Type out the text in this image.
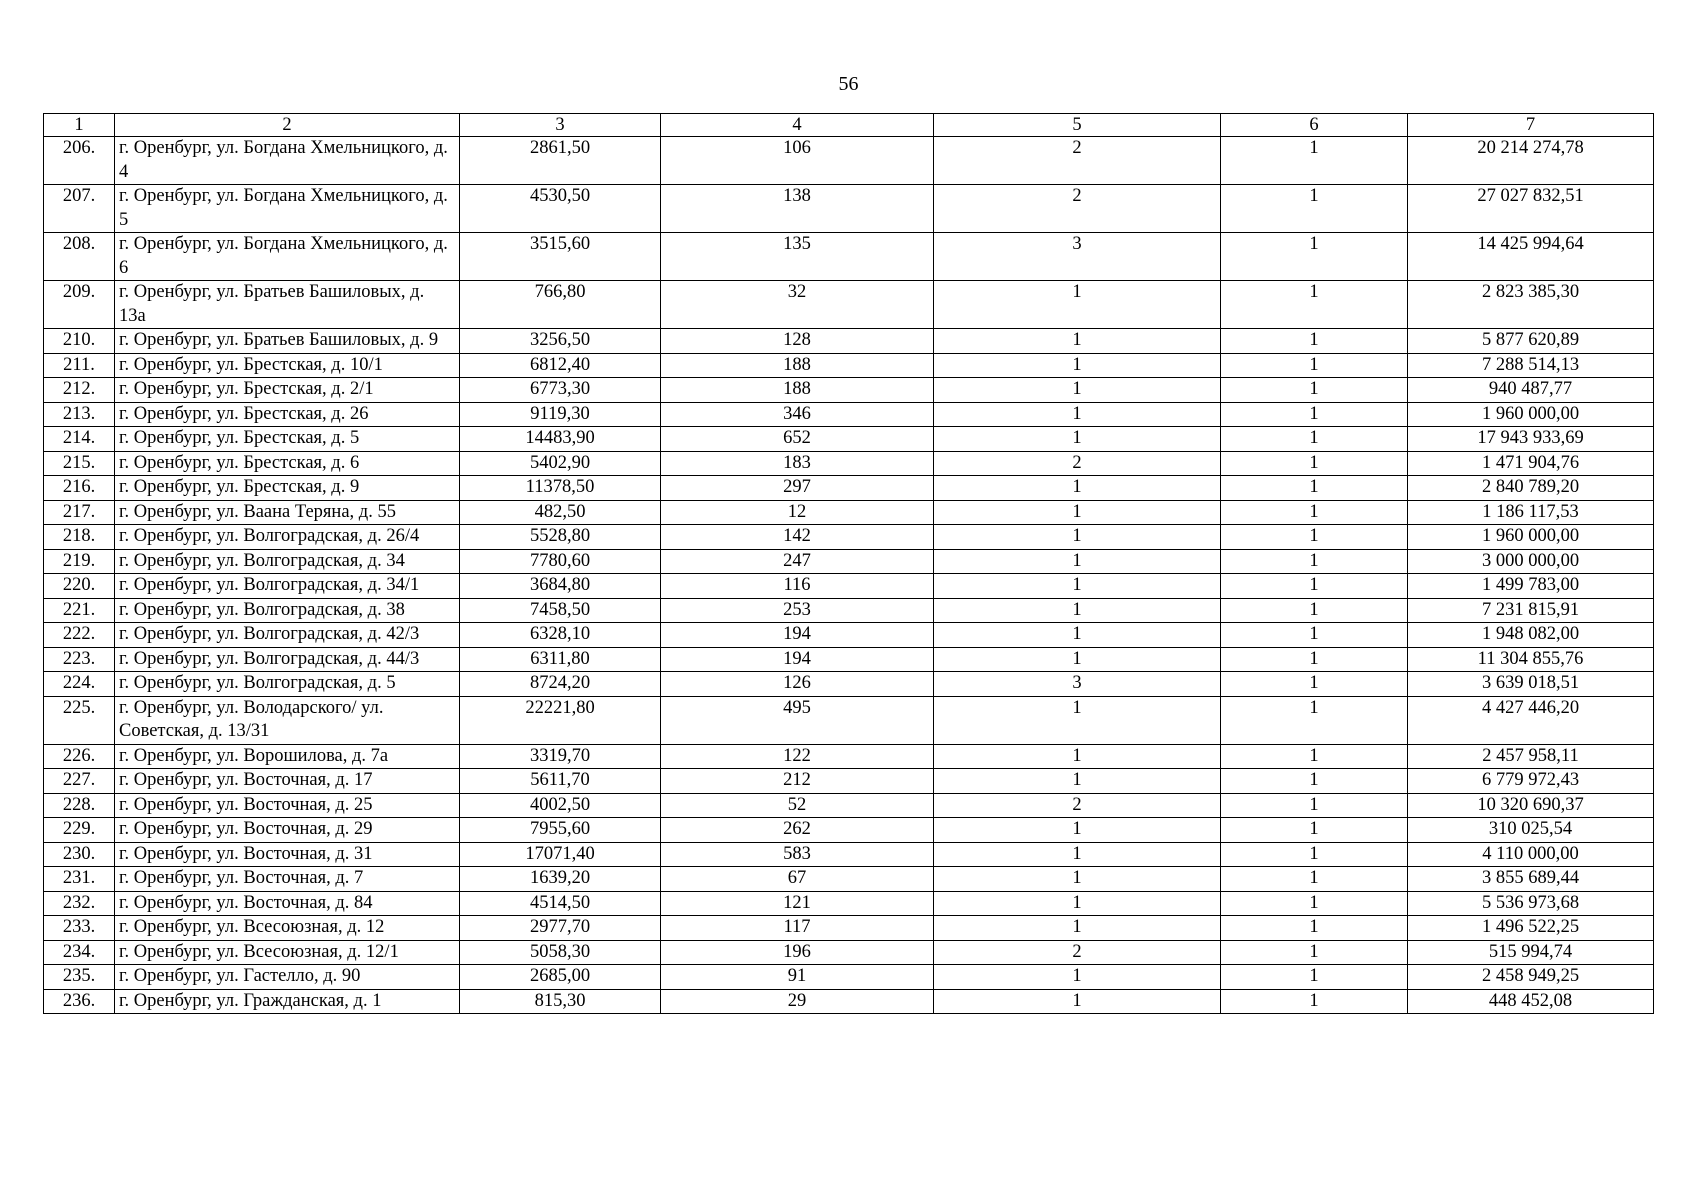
56
1	2	3	4	5	6	7
206.	г. Оренбург, ул. Богдана Хмельницкого, д. 4	2861,50	106	2	1	20 214 274,78
207.	г. Оренбург, ул. Богдана Хмельницкого, д. 5	4530,50	138	2	1	27 027 832,51
208.	г. Оренбург, ул. Богдана Хмельницкого, д. 6	3515,60	135	3	1	14 425 994,64
209.	г. Оренбург, ул. Братьев Башиловых, д. 13а	766,80	32	1	1	2 823 385,30
210.	г. Оренбург, ул. Братьев Башиловых, д. 9	3256,50	128	1	1	5 877 620,89
211.	г. Оренбург, ул. Брестская, д. 10/1	6812,40	188	1	1	7 288 514,13
212.	г. Оренбург, ул. Брестская, д. 2/1	6773,30	188	1	1	940 487,77
213.	г. Оренбург, ул. Брестская, д. 26	9119,30	346	1	1	1 960 000,00
214.	г. Оренбург, ул. Брестская, д. 5	14483,90	652	1	1	17 943 933,69
215.	г. Оренбург, ул. Брестская, д. 6	5402,90	183	2	1	1 471 904,76
216.	г. Оренбург, ул. Брестская, д. 9	11378,50	297	1	1	2 840 789,20
217.	г. Оренбург, ул. Ваана Теряна, д. 55	482,50	12	1	1	1 186 117,53
218.	г. Оренбург, ул. Волгоградская, д. 26/4	5528,80	142	1	1	1 960 000,00
219.	г. Оренбург, ул. Волгоградская, д. 34	7780,60	247	1	1	3 000 000,00
220.	г. Оренбург, ул. Волгоградская, д. 34/1	3684,80	116	1	1	1 499 783,00
221.	г. Оренбург, ул. Волгоградская, д. 38	7458,50	253	1	1	7 231 815,91
222.	г. Оренбург, ул. Волгоградская, д. 42/3	6328,10	194	1	1	1 948 082,00
223.	г. Оренбург, ул. Волгоградская, д. 44/3	6311,80	194	1	1	11 304 855,76
224.	г. Оренбург, ул. Волгоградская, д. 5	8724,20	126	3	1	3 639 018,51
225.	г. Оренбург, ул. Володарского/ ул. Советская, д. 13/31	22221,80	495	1	1	4 427 446,20
226.	г. Оренбург, ул. Ворошилова, д. 7а	3319,70	122	1	1	2 457 958,11
227.	г. Оренбург, ул. Восточная, д. 17	5611,70	212	1	1	6 779 972,43
228.	г. Оренбург, ул. Восточная, д. 25	4002,50	52	2	1	10 320 690,37
229.	г. Оренбург, ул. Восточная, д. 29	7955,60	262	1	1	310 025,54
230.	г. Оренбург, ул. Восточная, д. 31	17071,40	583	1	1	4 110 000,00
231.	г. Оренбург, ул. Восточная, д. 7	1639,20	67	1	1	3 855 689,44
232.	г. Оренбург, ул. Восточная, д. 84	4514,50	121	1	1	5 536 973,68
233.	г. Оренбург, ул. Всесоюзная, д. 12	2977,70	117	1	1	1 496 522,25
234.	г. Оренбург, ул. Всесоюзная, д. 12/1	5058,30	196	2	1	515 994,74
235.	г. Оренбург, ул. Гастелло, д. 90	2685,00	91	1	1	2 458 949,25
236.	г. Оренбург, ул. Гражданская, д. 1	815,30	29	1	1	448 452,08
